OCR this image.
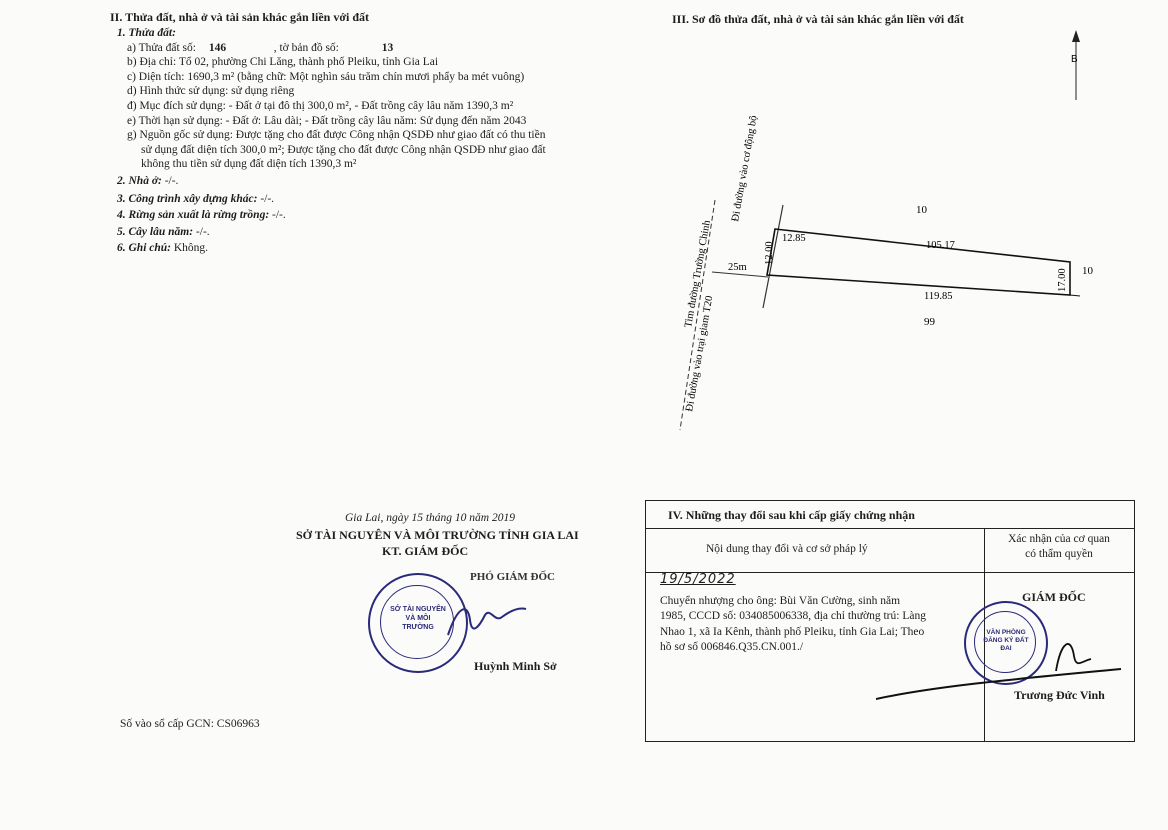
II. Thửa đất, nhà ở và tài sản khác gắn liền với đất
1. Thửa đất:
a) Thửa đất số: 146	, tờ bản đồ số:	13
b) Địa chỉ: Tổ 02, phường Chi Lăng, thành phố Pleiku, tỉnh Gia Lai
c) Diện tích: 1690,3 m² (bằng chữ: Một nghìn sáu trăm chín mươi phẩy ba mét vuông)
d) Hình thức sử dụng: sử dụng riêng
đ) Mục đích sử dụng: - Đất ở tại đô thị 300,0 m², - Đất trồng cây lâu năm 1390,3 m²
e) Thời hạn sử dụng: - Đất ở: Lâu dài; - Đất trồng cây lâu năm: Sử dụng đến năm 2043
g) Nguồn gốc sử dụng: Được tặng cho đất được Công nhận QSDĐ như giao đất có thu tiền
sử dụng đất diện tích 300,0 m²; Được tặng cho đất được Công nhận QSDĐ như giao đất
không thu tiền sử dụng đất diện tích 1390,3 m²
2. Nhà ở: -/-.
3. Công trình xây dựng khác: -/-.
4. Rừng sản xuất là rừng trồng: -/-.
5. Cây lâu năm: -/-.
6. Ghi chú: Không.
III. Sơ đồ thửa đất, nhà ở và tài sản khác gắn liền với đất
B
Tim đường Trường Chinh
Đi đường vào cơ động bộ
Đi đường vào trại giam T20
25m
12.85
12.00	105.17
17.00
119.85
10
10
99
Gia Lai, ngày 15 tháng 10 năm 2019
SỞ TÀI NGUYÊN VÀ MÔI TRƯỜNG TỈNH GIA LAI
KT. GIÁM ĐỐC
PHÓ GIÁM ĐỐC
SỞ TÀI NGUYÊN VÀ MÔI TRƯỜNG
Huỳnh Minh Sở
Số vào sổ cấp GCN: CS06963
IV. Những thay đổi sau khi cấp giấy chứng nhận
Nội dung thay đổi và cơ sở pháp lý
Xác nhận của cơ quan
có thẩm quyền
19/5/2022
Chuyển nhượng cho ông: Bùi Văn Cường, sinh năm
1985, CCCD số: 034085006338, địa chỉ thường trú: Làng
Nhao 1, xã Ia Kênh, thành phố Pleiku, tỉnh Gia Lai; Theo
hồ sơ số 006846.Q35.CN.001./
GIÁM ĐỐC
VĂN PHÒNG ĐĂNG KÝ ĐẤT ĐAI
Trương Đức Vinh
